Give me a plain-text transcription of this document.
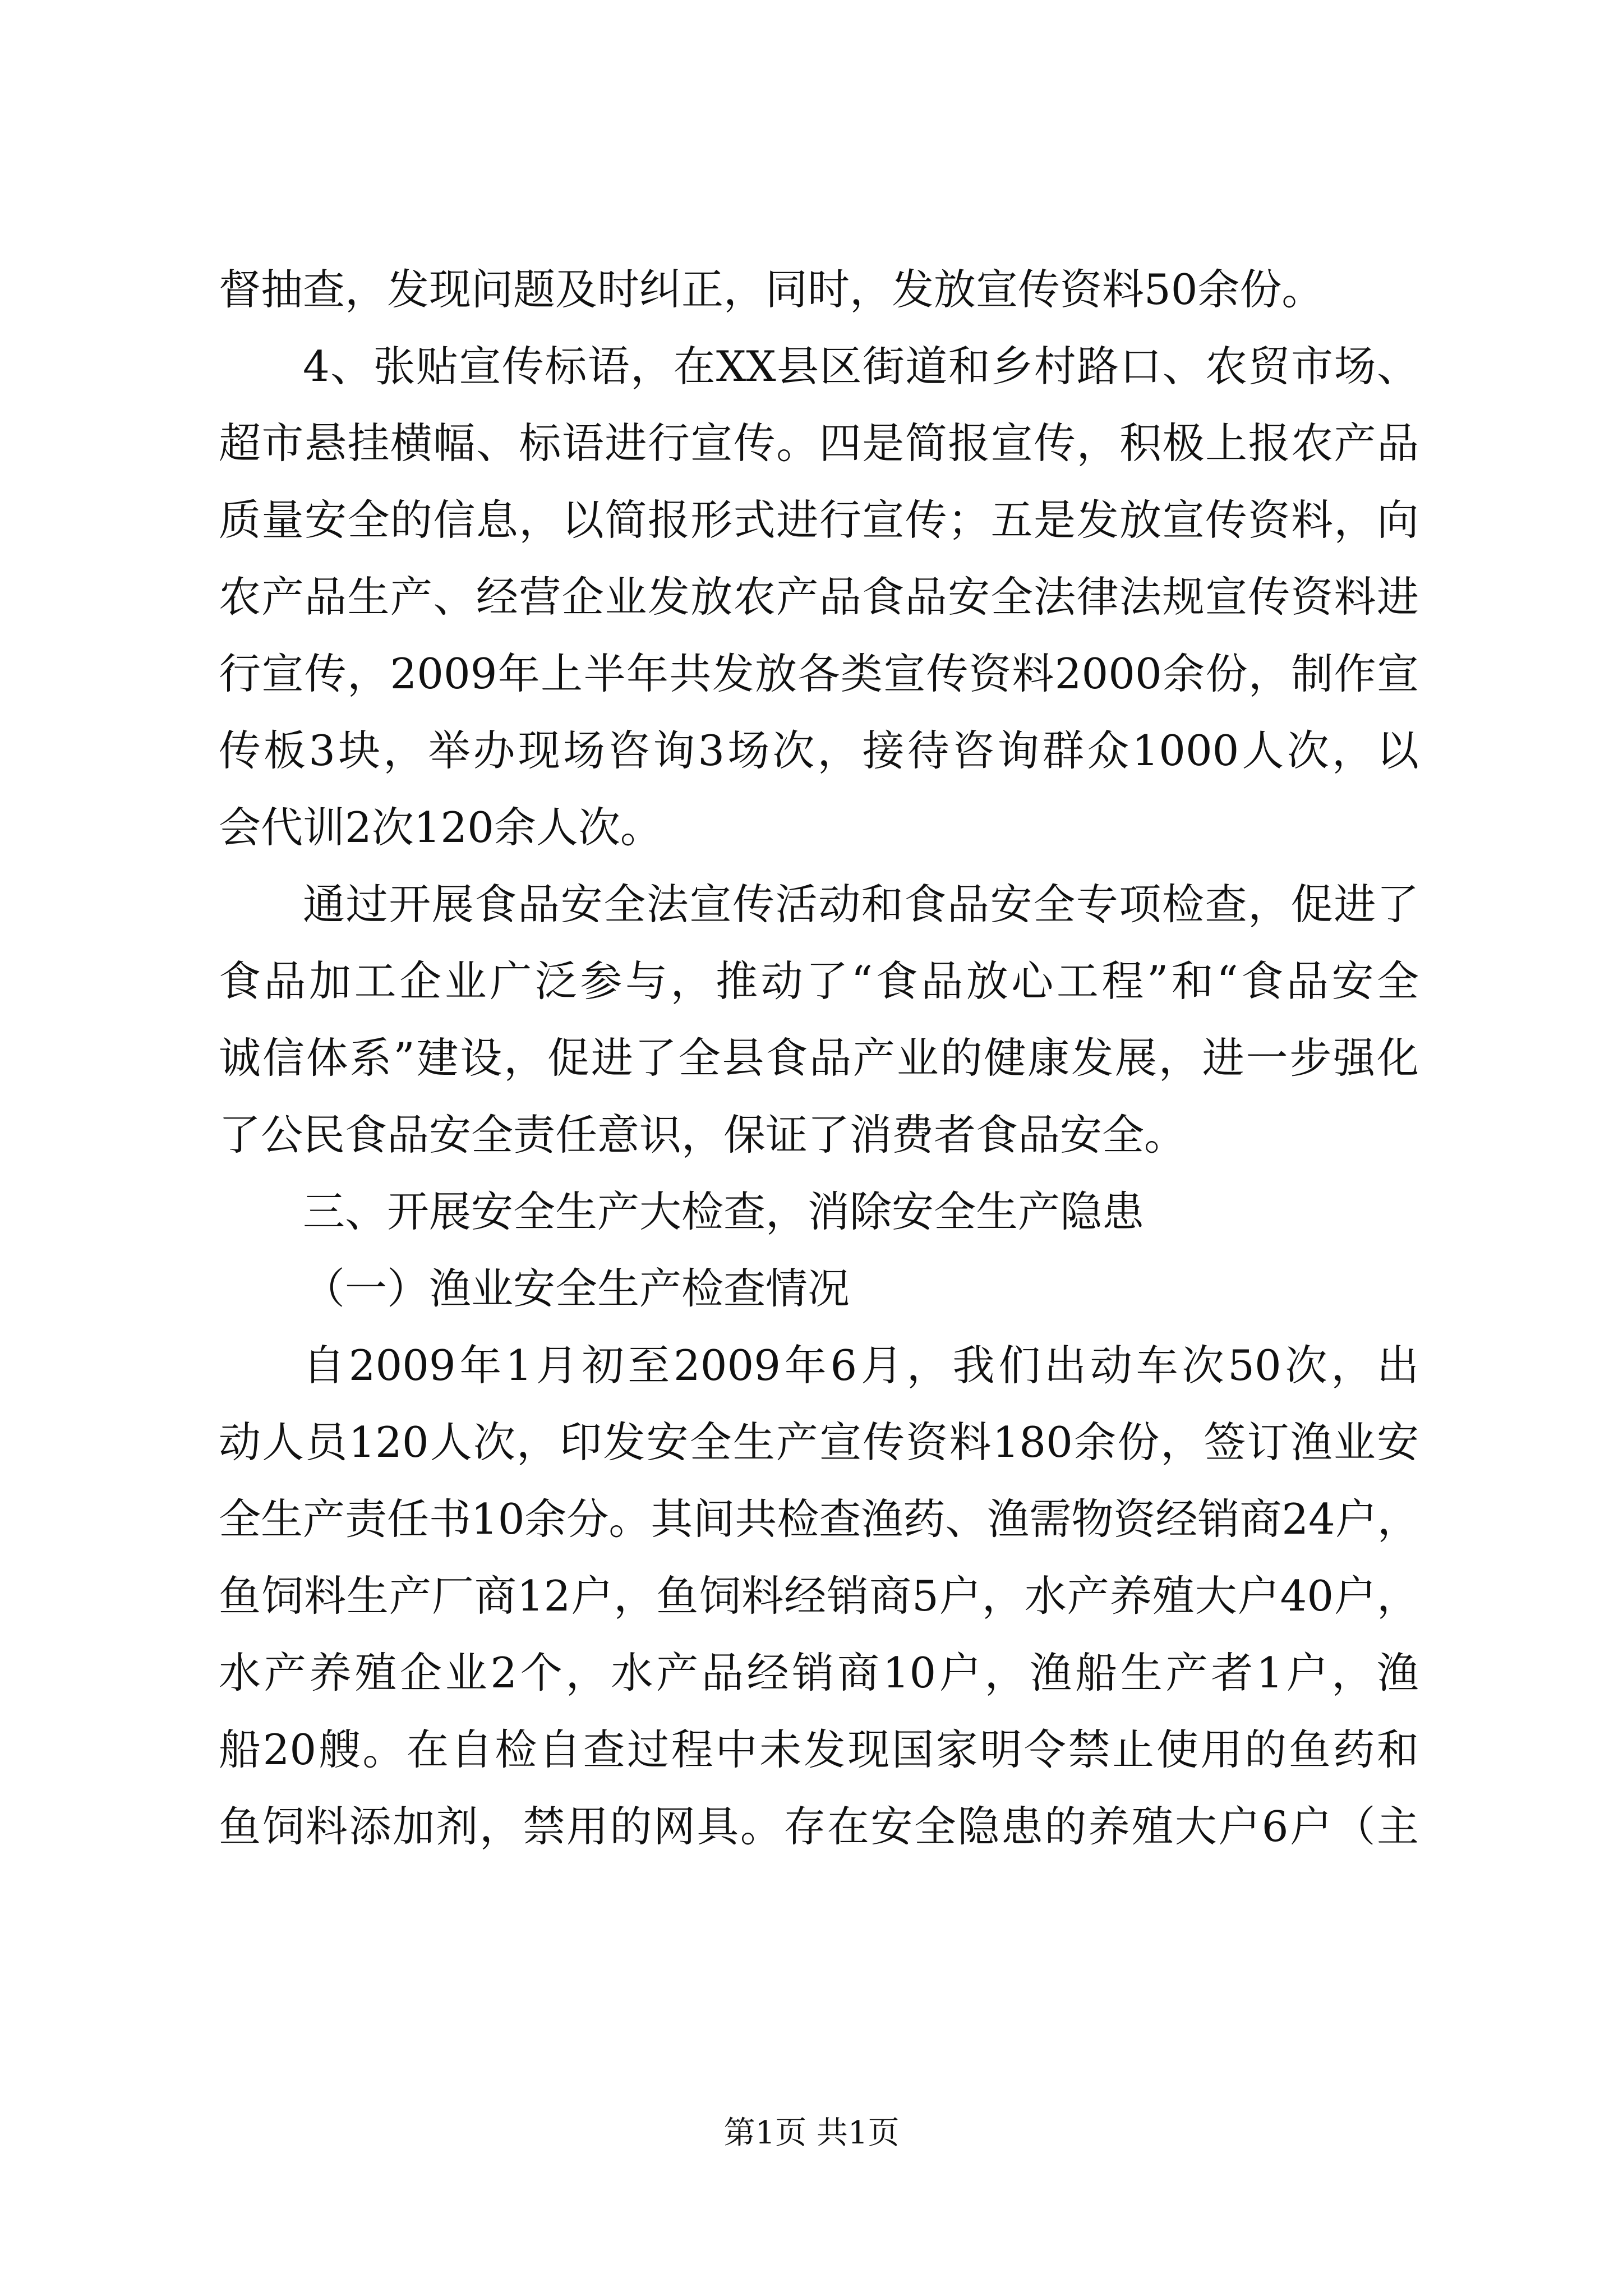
督抽查，发现问题及时纠正，同时，发放宣传资料50余份。
4、张贴宣传标语，在XX县区街道和乡村路口、农贸市场、
超市悬挂横幅、标语进行宣传。四是简报宣传，积极上报农产品
质量安全的信息，以简报形式进行宣传；五是发放宣传资料，向
农产品生产、经营企业发放农产品食品安全法律法规宣传资料进
行宣传，2009年上半年共发放各类宣传资料2000余份，制作宣
传板3块，举办现场咨询3场次，接待咨询群众1000人次，以
会代训2次120余人次。
通过开展食品安全法宣传活动和食品安全专项检查，促进了
食品加工企业广泛参与，推动了“食品放心工程”和“食品安全
诚信体系”建设，促进了全县食品产业的健康发展，进一步强化
了公民食品安全责任意识，保证了消费者食品安全。
三、开展安全生产大检查，消除安全生产隐患
（一）渔业安全生产检查情况
自2009年1月初至2009年6月，我们出动车次50次，出
动人员120人次，印发安全生产宣传资料180余份，签订渔业安
全生产责任书10余分。其间共检查渔药、渔需物资经销商24户，
鱼饲料生产厂商12户，鱼饲料经销商5户，水产养殖大户40户，
水产养殖企业2个，水产品经销商10户，渔船生产者1户，渔
船20艘。在自检自查过程中未发现国家明令禁止使用的鱼药和
鱼饲料添加剂，禁用的网具。存在安全隐患的养殖大户6户（主
第1页 共1页
